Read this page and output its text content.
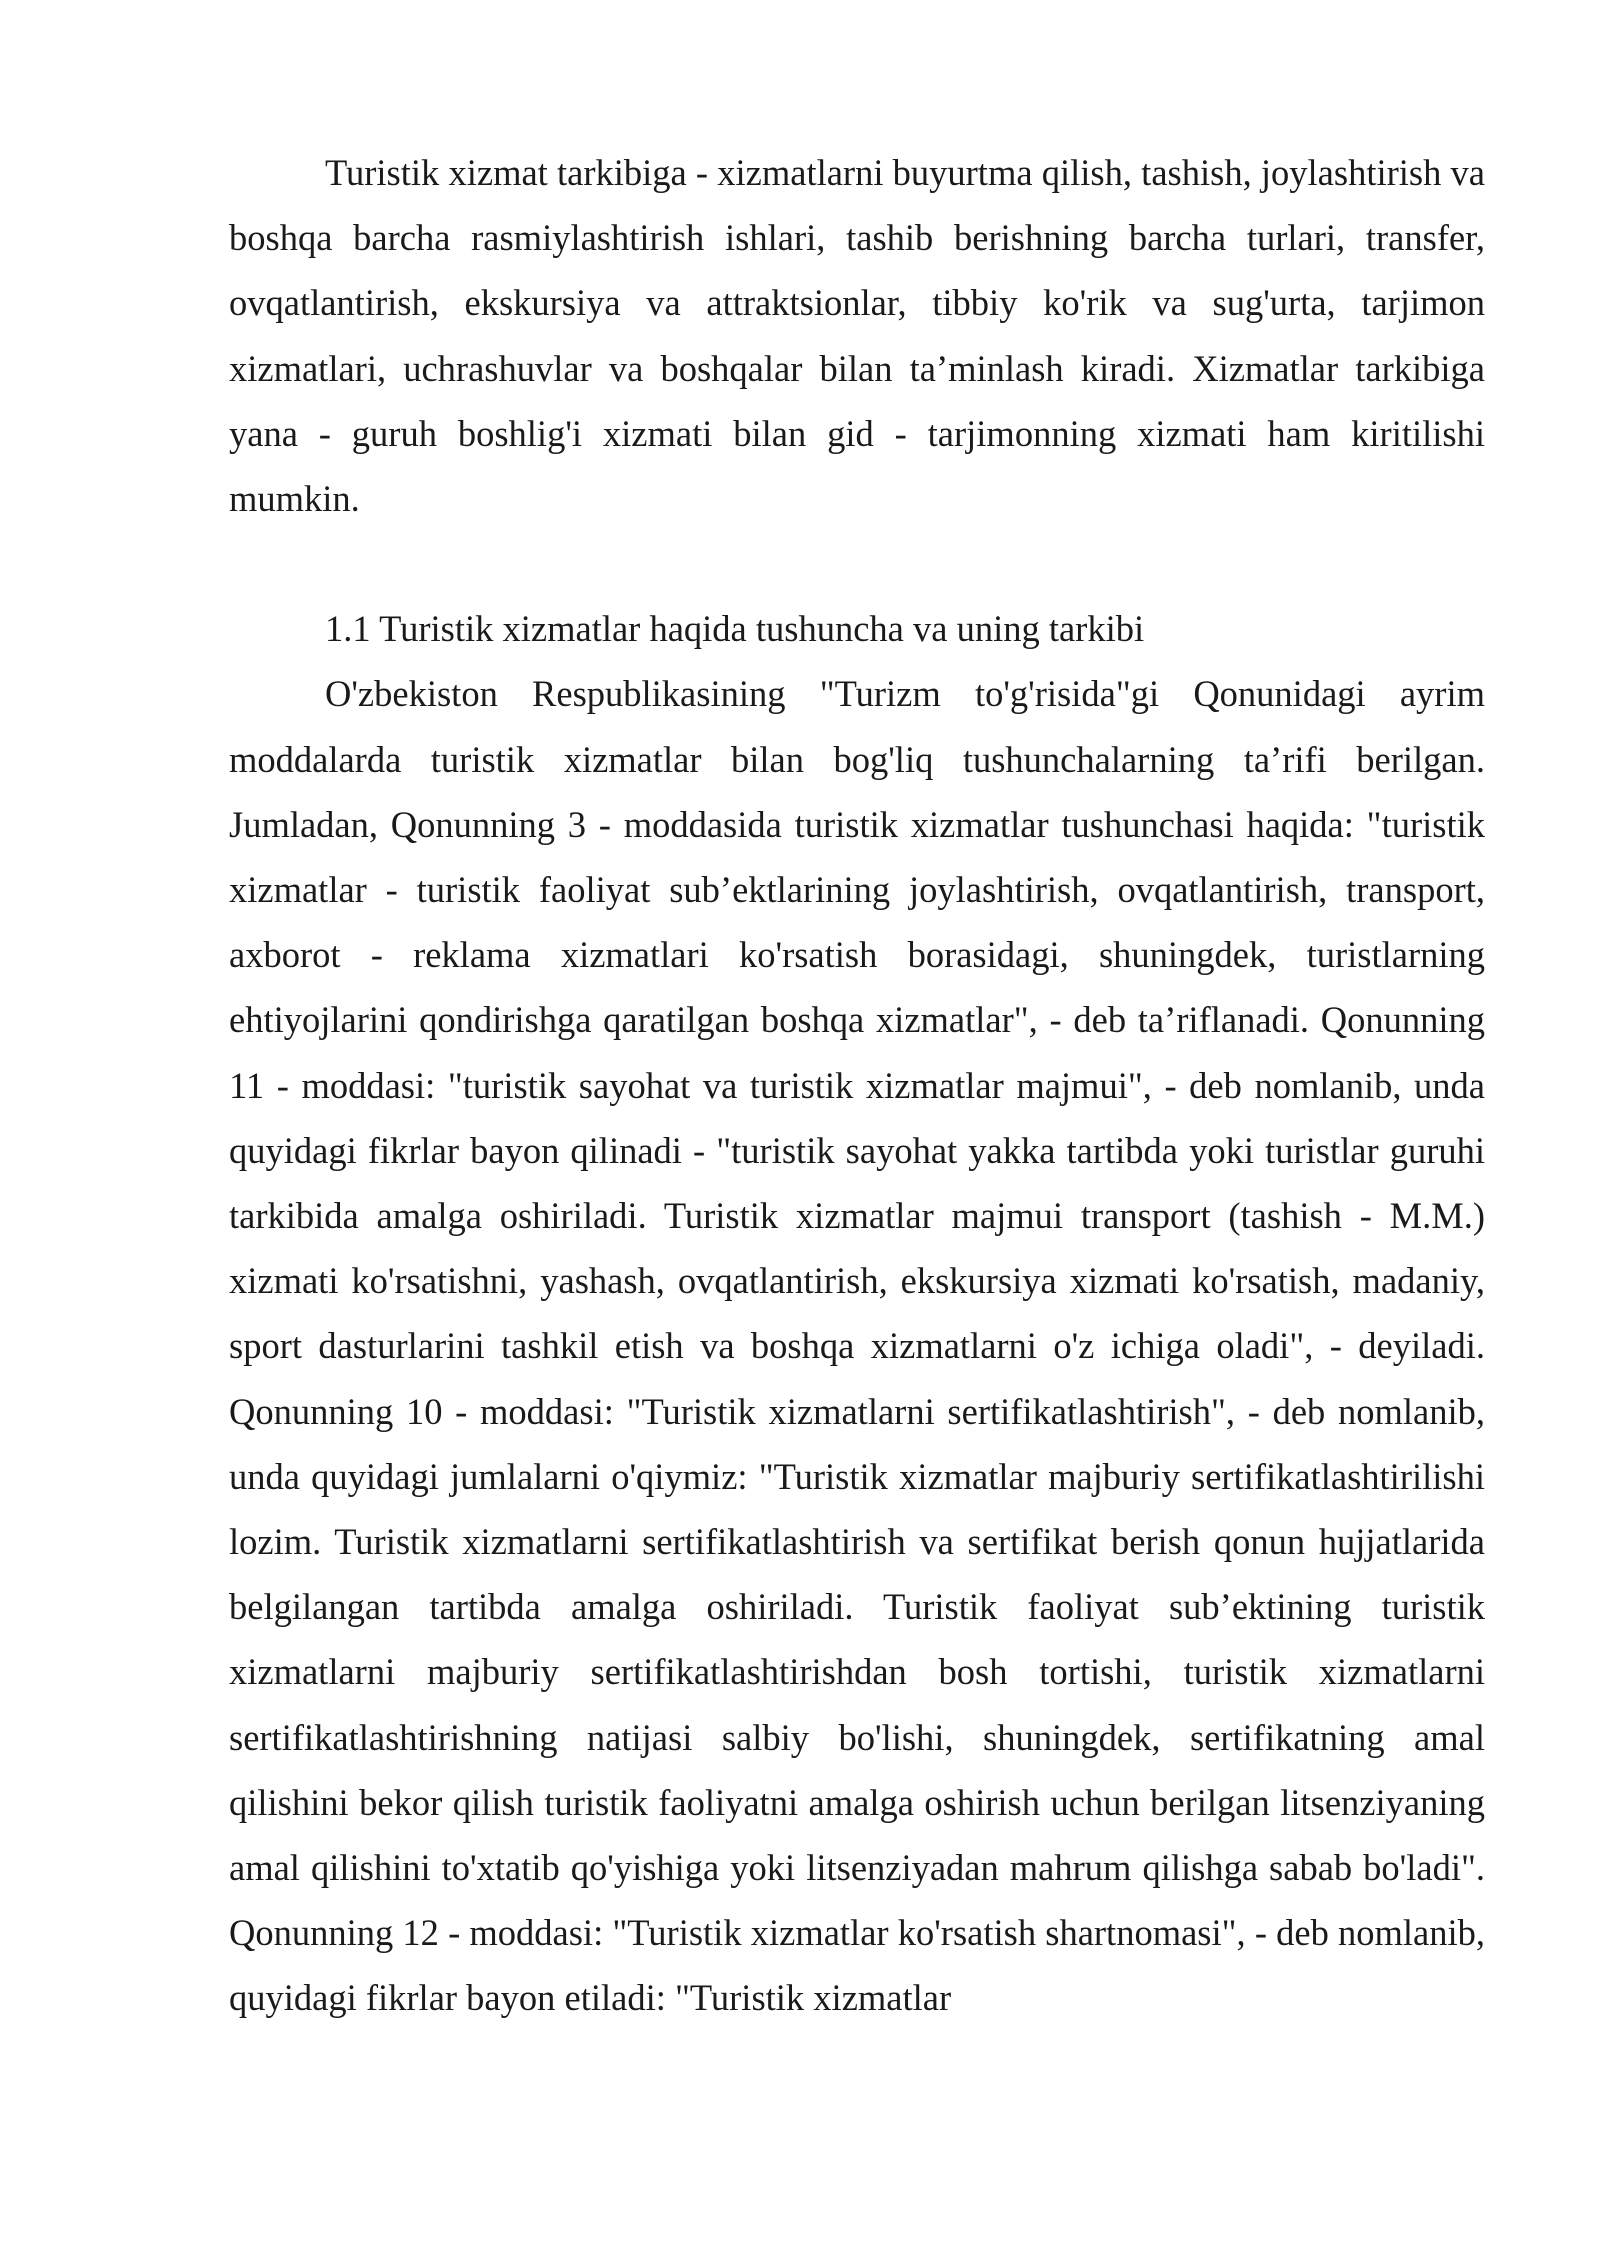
Turistik xizmat tarkibiga - xizmatlarni buyurtma qilish, tashish, joylashtirish va boshqa barcha rasmiylashtirish ishlari, tashib berishning barcha turlari, transfer, ovqatlantirish, ekskursiya va attraktsionlar, tibbiy ko'rik va sug'urta, tarjimon xizmatlari, uchrashuvlar va boshqalar bilan ta’minlash kiradi. Xizmatlar tarkibiga yana - guruh boshlig'i xizmati bilan gid - tarjimonning xizmati ham kiritilishi mumkin.

1.1 Turistik xizmatlar haqida tushuncha va uning tarkibi

O'zbekiston Respublikasining "Turizm to'g'risida"gi Qonunidagi ayrim moddalarda turistik xizmatlar bilan bog'liq tushunchalarning ta’rifi berilgan. Jumladan, Qonunning 3 - moddasida turistik xizmatlar tushunchasi haqida: "turistik xizmatlar - turistik faoliyat sub’ektlarining joylashtirish, ovqatlantirish, transport, axborot - reklama xizmatlari ko'rsatish borasidagi, shuningdek, turistlarning ehtiyojlarini qondirishga qaratilgan boshqa xizmatlar", - deb ta’riflanadi. Qonunning 11 - moddasi: "turistik sayohat va turistik xizmatlar majmui", - deb nomlanib, unda quyidagi fikrlar bayon qilinadi - "turistik sayohat yakka tartibda yoki turistlar guruhi tarkibida amalga oshiriladi. Turistik xizmatlar majmui transport (tashish - M.M.) xizmati ko'rsatishni, yashash, ovqatlantirish, ekskursiya xizmati ko'rsatish, madaniy, sport dasturlarini tashkil etish va boshqa xizmatlarni o'z ichiga oladi", - deyiladi. Qonunning 10 - moddasi: "Turistik xizmatlarni sertifikatlashtirish", - deb nomlanib, unda quyidagi jumlalarni o'qiymiz: "Turistik xizmatlar majburiy sertifikatlashtirilishi lozim. Turistik xizmatlarni sertifikatlashtirish va sertifikat berish qonun hujjatlarida belgilangan tartibda amalga oshiriladi. Turistik faoliyat sub’ektining turistik xizmatlarni majburiy sertifikatlashtirishdan bosh tortishi, turistik xizmatlarni sertifikatlashtirishning natijasi salbiy bo'lishi, shuningdek, sertifikatning amal qilishini bekor qilish turistik faoliyatni amalga oshirish uchun berilgan litsenziyaning amal qilishini to'xtatib qo'yishiga yoki litsenziyadan mahrum qilishga sabab bo'ladi". Qonunning 12 - moddasi: "Turistik xizmatlar ko'rsatish shartnomasi", - deb nomlanib, quyidagi fikrlar bayon etiladi: "Turistik xizmatlar
